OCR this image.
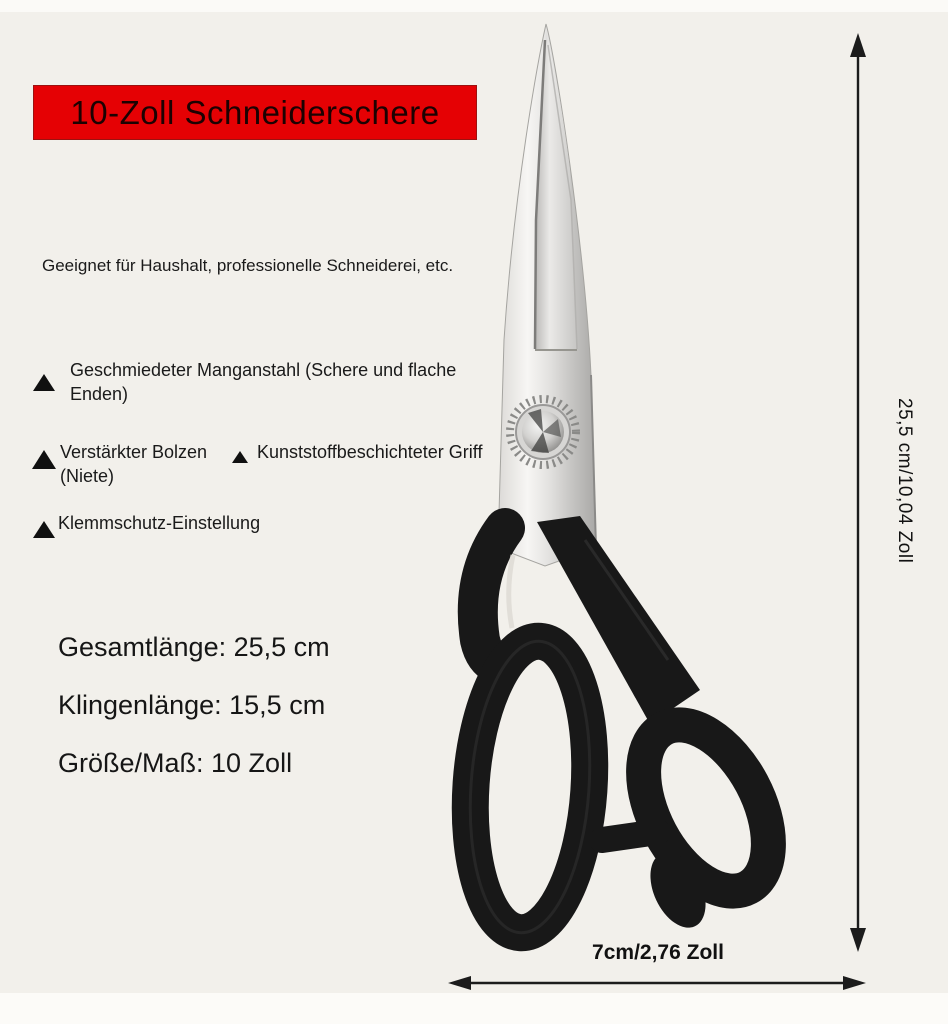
10-Zoll Schneiderschere
Geeignet für Haushalt, professionelle Schneiderei, etc.
Geschmiedeter Manganstahl (Schere und flache Enden)
Verstärkter Bolzen (Niete)
Kunststoffbeschichteter Griff
Klemmschutz-Einstellung
Gesamtlänge: 25,5 cm
Klingenlänge: 15,5 cm
Größe/Maß: 10 Zoll
25,5 cm/10,04 Zoll
7cm/2,76 Zoll
